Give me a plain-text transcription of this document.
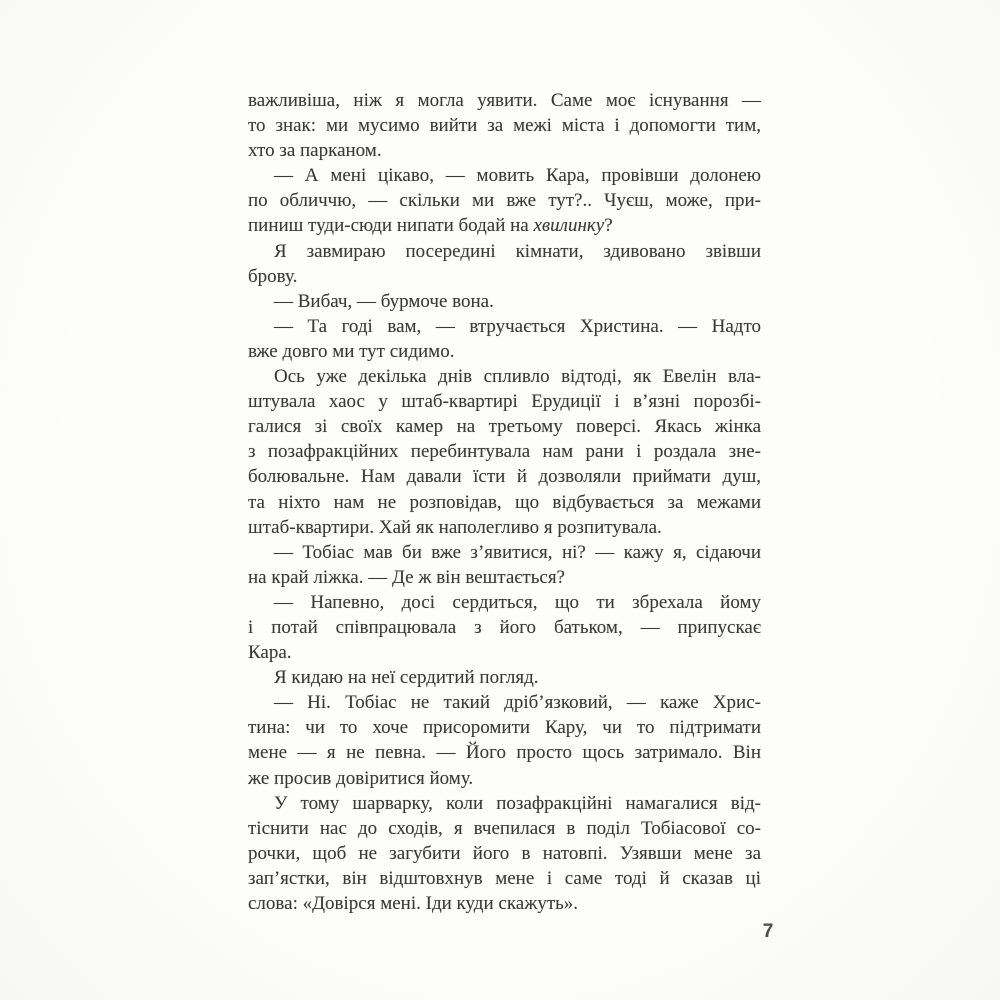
важливіша, ніж я могла уявити. Саме моє існування —
то знак: ми мусимо вийти за межі міста і допомогти тим,
хто за парканом.
— А мені цікаво, — мовить Кара, провівши долонею
по обличчю, — скільки ми вже тут?.. Чуєш, може, при-
пиниш туди-сюди нипати бодай на хвилинку?
Я завмираю посередині кімнати, здивовано звівши
брову.
— Вибач, — бурмоче вона.
— Та годі вам, — втручається Христина. — Надто
вже довго ми тут сидимо.
Ось уже декілька днів спливло відтоді, як Евелін вла-
штувала хаос у штаб-квартирі Ерудиції і в’язні порозбі-
галися зі своїх камер на третьому поверсі. Якась жінка
з позафракційних перебинтувала нам рани і роздала зне-
болювальне. Нам давали їсти й дозволяли приймати душ,
та ніхто нам не розповідав, що відбувається за межами
штаб-квартири. Хай як наполегливо я розпитувала.
— Тобіас мав би вже з’явитися, ні? — кажу я, сідаючи
на край ліжка. — Де ж він вештається?
— Напевно, досі сердиться, що ти збрехала йому
і потай співпрацювала з його батьком, — припускає
Кара.
Я кидаю на неї сердитий погляд.
— Ні. Тобіас не такий дріб’язковий, — каже Хрис-
тина: чи то хоче присоромити Кару, чи то підтримати
мене — я не певна. — Його просто щось затримало. Він
же просив довіритися йому.
У тому шарварку, коли позафракційні намагалися від-
тіснити нас до сходів, я вчепилася в поділ Тобіасової со-
рочки, щоб не загубити його в натовпі. Узявши мене за
зап’ястки, він відштовхнув мене і саме тоді й сказав ці
слова: «Довірся мені. Іди куди скажуть».
7
